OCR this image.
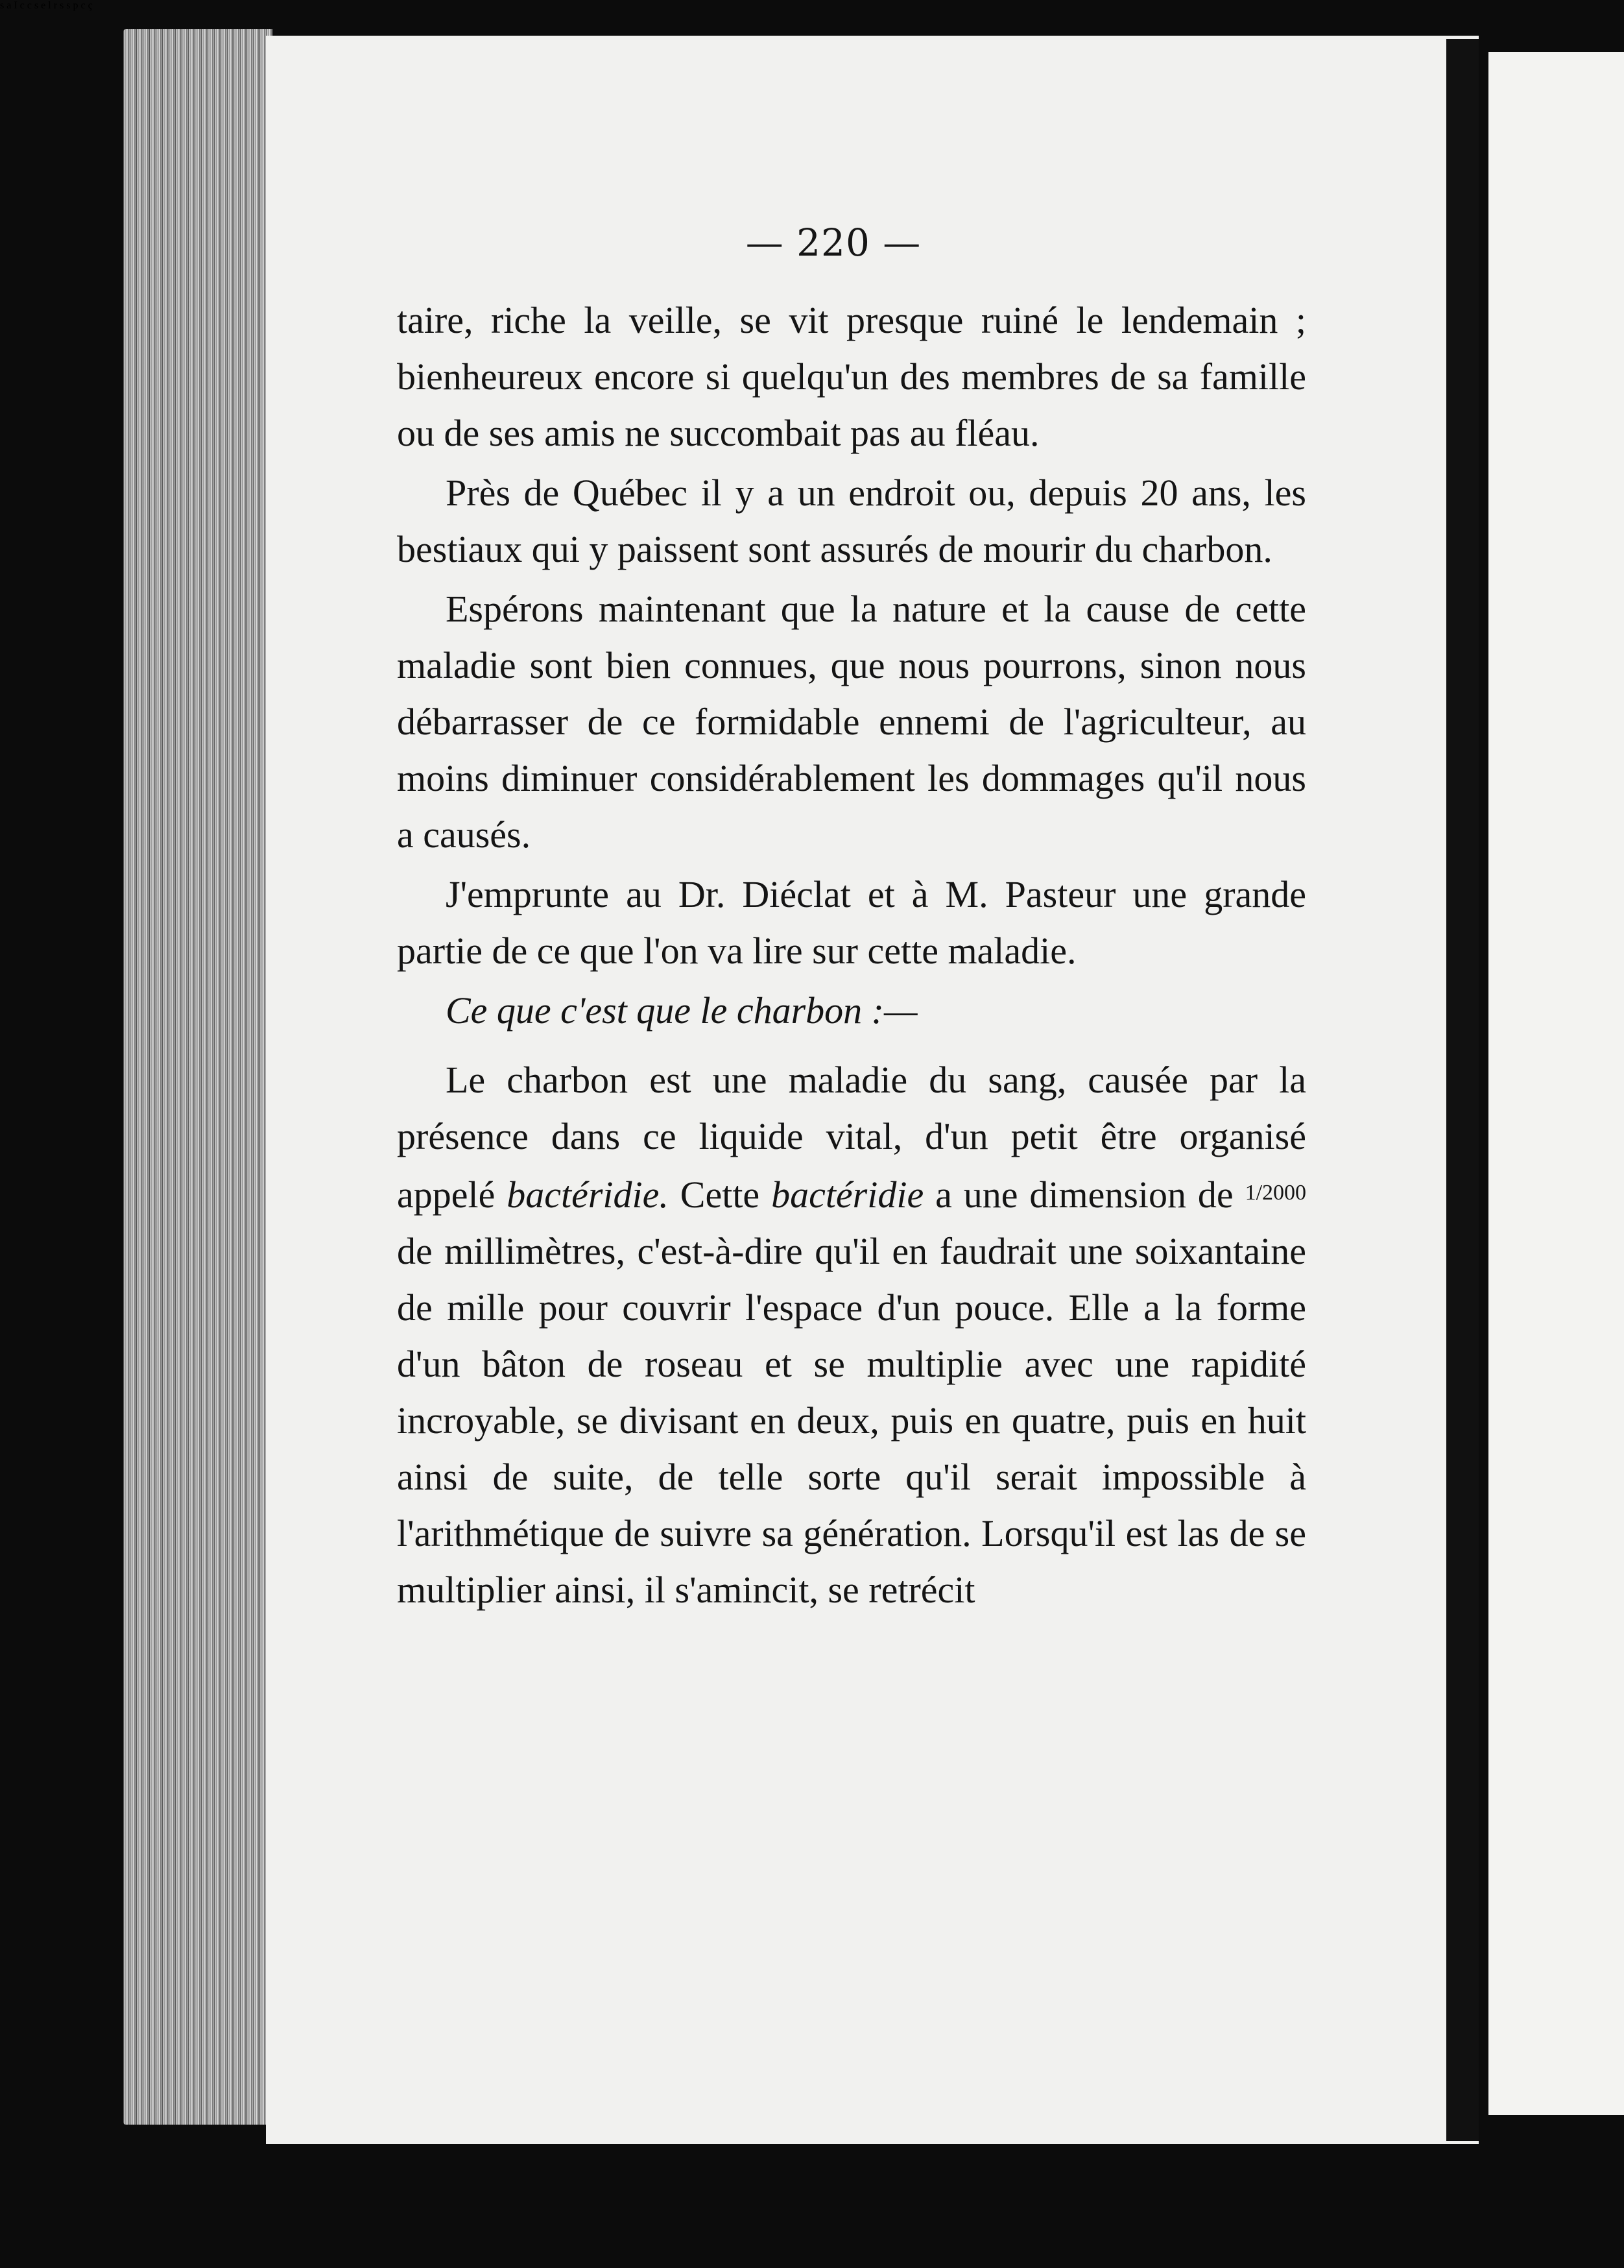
s a I c c s e l r s s p c ç
— 220 —

taire, riche la veille, se vit presque ruiné le lendemain ; bienheureux encore si quelqu'un des membres de sa famille ou de ses amis ne succombait pas au fléau.

Près de Québec il y a un endroit ou, depuis 20 ans, les bestiaux qui y paissent sont assurés de mourir du charbon.

Espérons maintenant que la nature et la cause de cette maladie sont bien connues, que nous pourrons, sinon nous débarrasser de ce formidable ennemi de l'agriculteur, au moins diminuer considérablement les dommages qu'il nous a causés.

J'emprunte au Dr. Diéclat et à M. Pasteur une grande partie de ce que l'on va lire sur cette maladie.

Ce que c'est que le charbon :—

Le charbon est une maladie du sang, causée par la présence dans ce liquide vital, d'un petit être organisé appelé bactéridie. Cette bactéridie a une dimension de $^{1/2000}$ de millimètres, c'est-à-dire qu'il en faudrait une soixantaine de mille pour couvrir l'espace d'un pouce. Elle a la forme d'un bâton de roseau et se multiplie avec une rapidité incroyable, se divisant en deux, puis en quatre, puis en huit ainsi de suite, de telle sorte qu'il serait impossible à l'arithmétique de suivre sa génération. Lorsqu'il est las de se multiplier ainsi, il s'amincit, se retrécit
